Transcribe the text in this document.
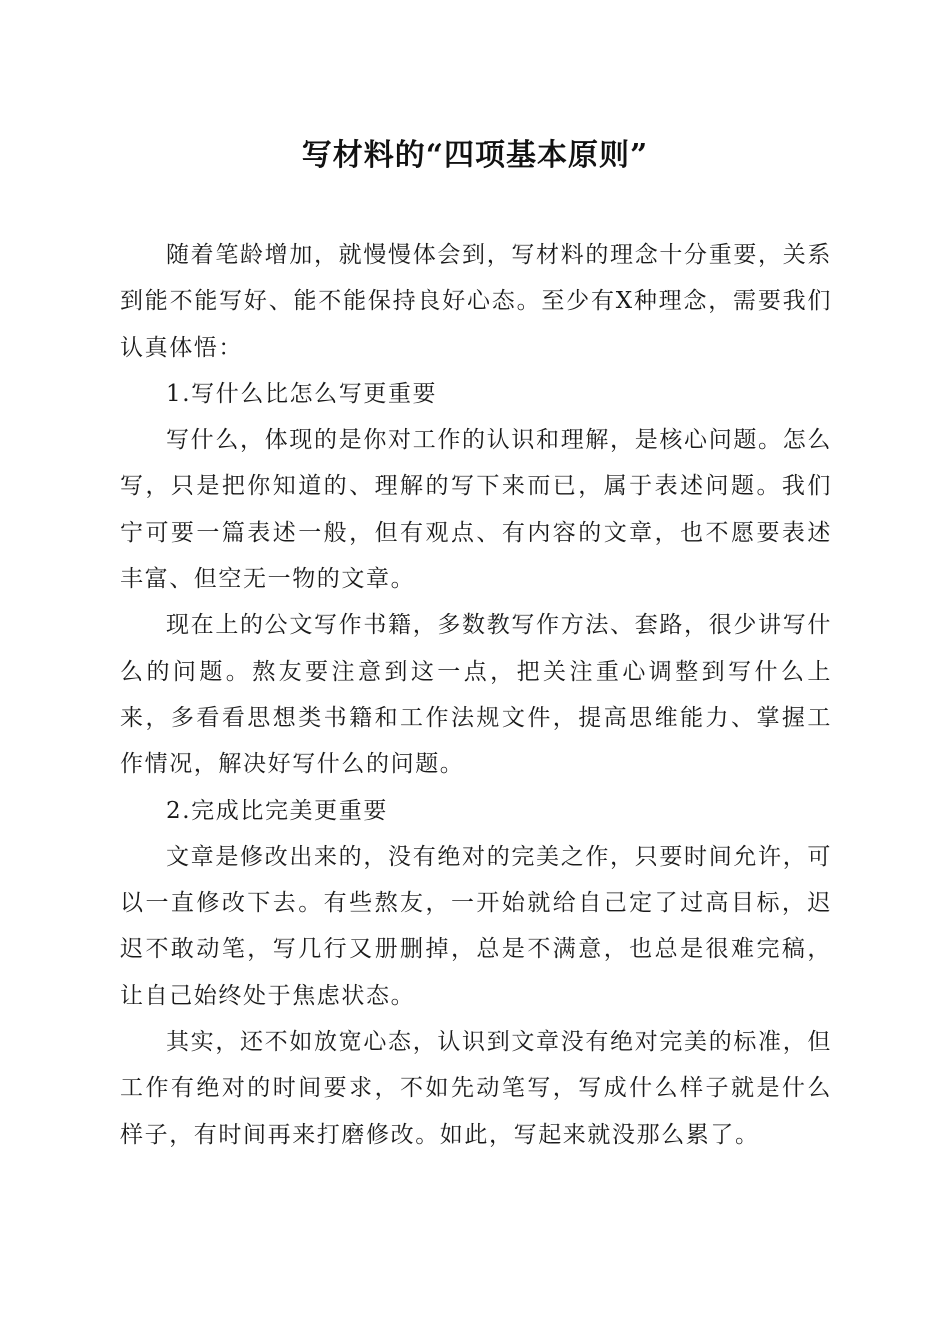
写材料的“四项基本原则”

随着笔龄增加，就慢慢体会到，写材料的理念十分重要，关系到能不能写好、能不能保持良好心态。至少有X种理念，需要我们认真体悟：

1.写什么比怎么写更重要

写什么，体现的是你对工作的认识和理解，是核心问题。怎么写，只是把你知道的、理解的写下来而已，属于表述问题。我们宁可要一篇表述一般，但有观点、有内容的文章，也不愿要表述丰富、但空无一物的文章。

现在上的公文写作书籍，多数教写作方法、套路，很少讲写什么的问题。熬友要注意到这一点，把关注重心调整到写什么上来，多看看思想类书籍和工作法规文件，提高思维能力、掌握工作情况，解决好写什么的问题。

2.完成比完美更重要

文章是修改出来的，没有绝对的完美之作，只要时间允许，可以一直修改下去。有些熬友，一开始就给自己定了过高目标，迟迟不敢动笔，写几行又册删掉，总是不满意，也总是很难完稿，让自己始终处于焦虑状态。

其实，还不如放宽心态，认识到文章没有绝对完美的标准，但工作有绝对的时间要求，不如先动笔写，写成什么样子就是什么样子，有时间再来打磨修改。如此，写起来就没那么累了。
